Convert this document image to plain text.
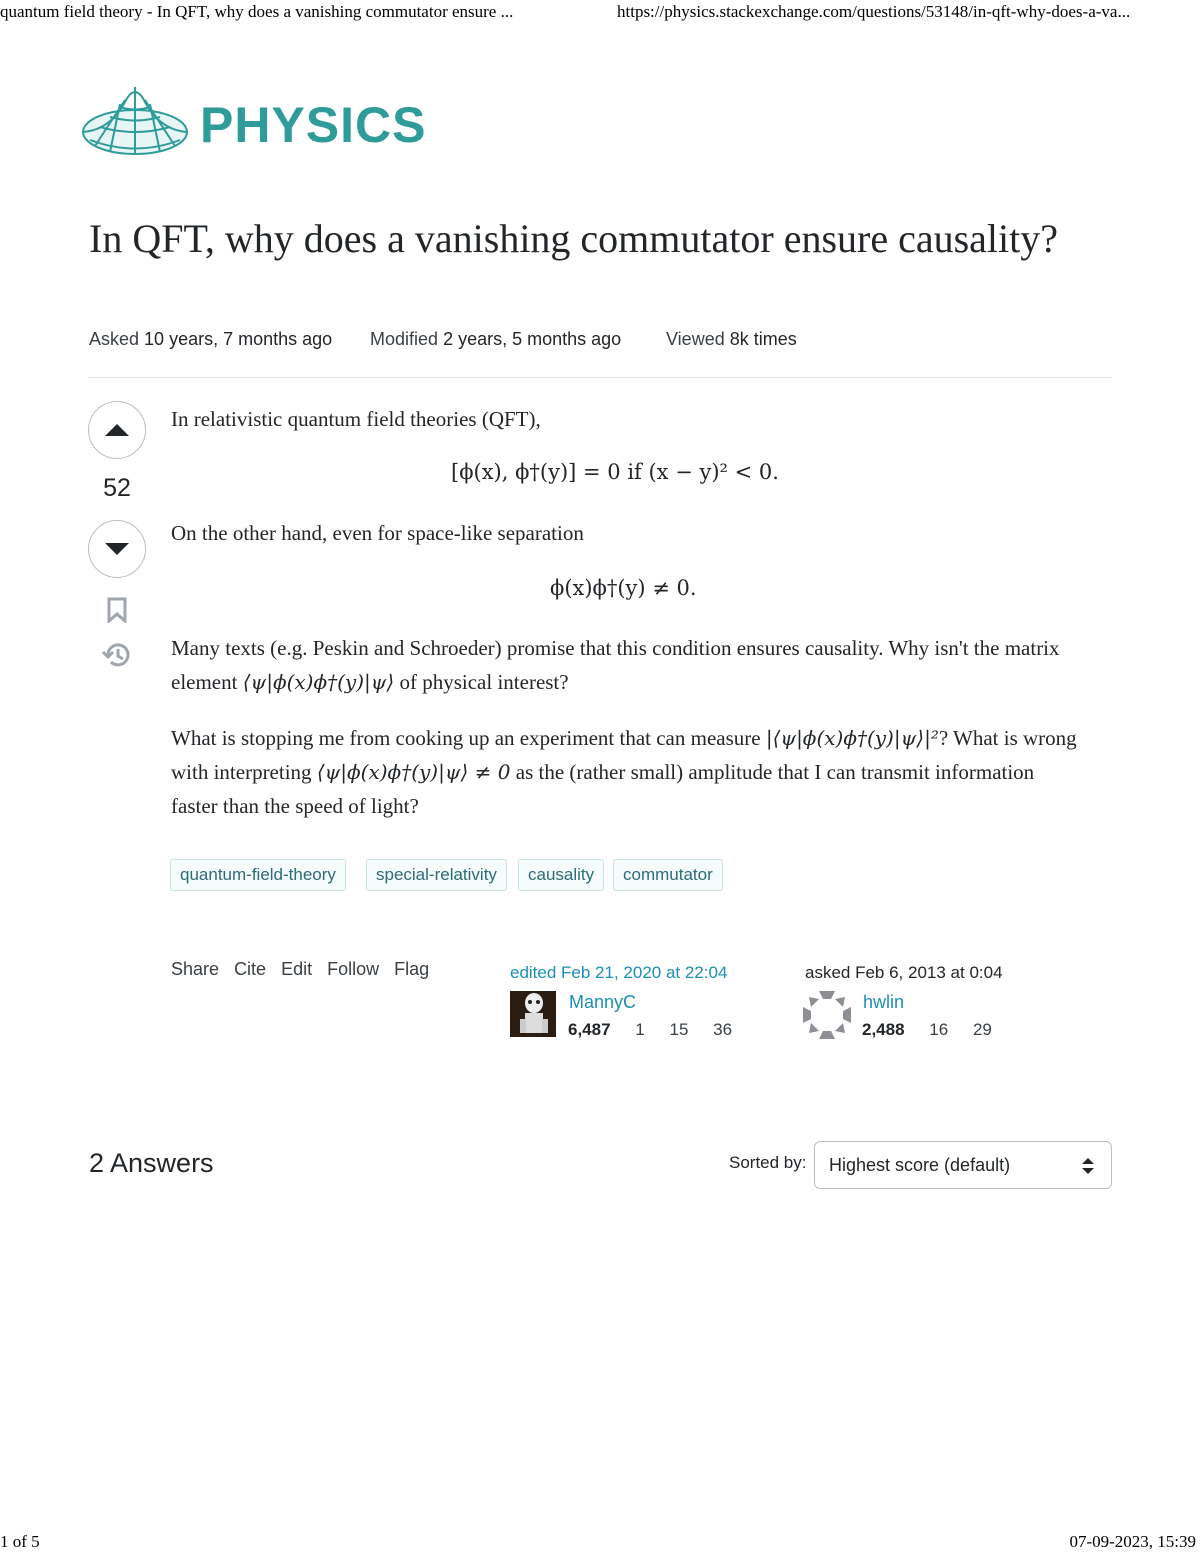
quantum field theory - In QFT, why does a vanishing commutator ensure ...	https://physics.stackexchange.com/questions/53148/in-qft-why-does-a-va...
PHYSICS
In QFT, why does a vanishing commutator ensure causality?
Asked 10 years, 7 months ago Modified 2 years, 5 months ago Viewed 8k times
52
In relativistic quantum field theories (QFT),
[ϕ(x), ϕ†(y)] = 0 if (x − y)² < 0.
On the other hand, even for space-like separation
ϕ(x)ϕ†(y) ≠ 0.
Many texts (e.g. Peskin and Schroeder) promise that this condition ensures causality. Why isn't the matrix element ⟨ψ|ϕ(x)ϕ†(y)|ψ⟩ of physical interest?
What is stopping me from cooking up an experiment that can measure |⟨ψ|ϕ(x)ϕ†(y)|ψ⟩|²? What is wrong with interpreting ⟨ψ|ϕ(x)ϕ†(y)|ψ⟩ ≠ 0 as the (rather small) amplitude that I can transmit information faster than the speed of light?
quantum-field-theory	special-relativity	causality	commutator
Share Cite Edit Follow Flag	edited Feb 21, 2020 at 22:04
MannyC
6,487 1 15 36
asked Feb 6, 2013 at 0:04
hwlin
2,488 16 29
2 Answers	Sorted by:	Highest score (default)
1 of 5	07-09-2023, 15:39
